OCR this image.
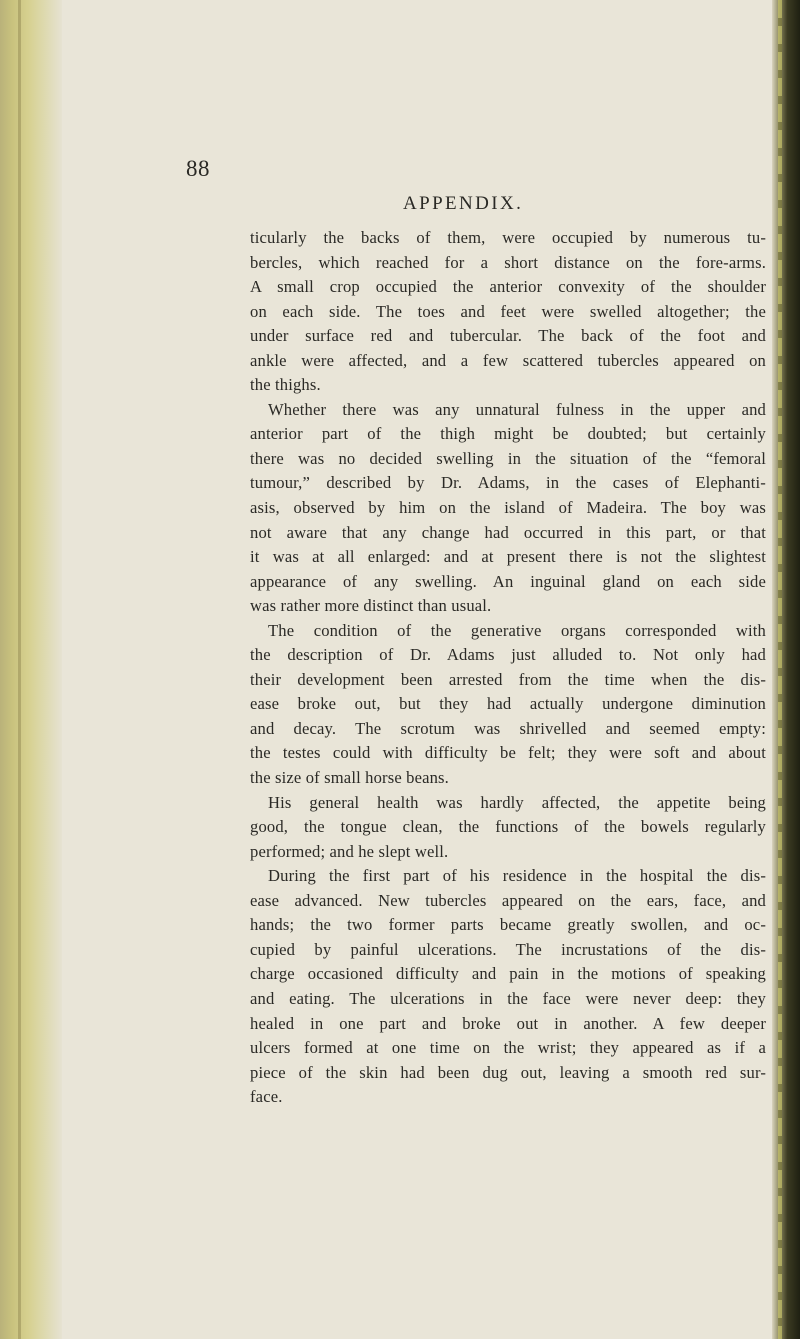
88
APPENDIX.
ticularly the backs of them, were occupied by numerous tu-
bercles, which reached for a short distance on the fore-arms.
A small crop occupied the anterior convexity of the shoulder
on each side. The toes and feet were swelled altogether; the
under surface red and tubercular. The back of the foot and
ankle were affected, and a few scattered tubercles appeared on
the thighs.
Whether there was any unnatural fulness in the upper and
anterior part of the thigh might be doubted; but certainly
there was no decided swelling in the situation of the “femoral
tumour,” described by Dr. Adams, in the cases of Elephanti-
asis, observed by him on the island of Madeira. The boy was
not aware that any change had occurred in this part, or that
it was at all enlarged: and at present there is not the slightest
appearance of any swelling. An inguinal gland on each side
was rather more distinct than usual.
The condition of the generative organs corresponded with
the description of Dr. Adams just alluded to. Not only had
their development been arrested from the time when the dis-
ease broke out, but they had actually undergone diminution
and decay. The scrotum was shrivelled and seemed empty:
the testes could with difficulty be felt; they were soft and about
the size of small horse beans.
His general health was hardly affected, the appetite being
good, the tongue clean, the functions of the bowels regularly
performed; and he slept well.
During the first part of his residence in the hospital the dis-
ease advanced. New tubercles appeared on the ears, face, and
hands; the two former parts became greatly swollen, and oc-
cupied by painful ulcerations. The incrustations of the dis-
charge occasioned difficulty and pain in the motions of speaking
and eating. The ulcerations in the face were never deep: they
healed in one part and broke out in another. A few deeper
ulcers formed at one time on the wrist; they appeared as if a
piece of the skin had been dug out, leaving a smooth red sur-
face.
